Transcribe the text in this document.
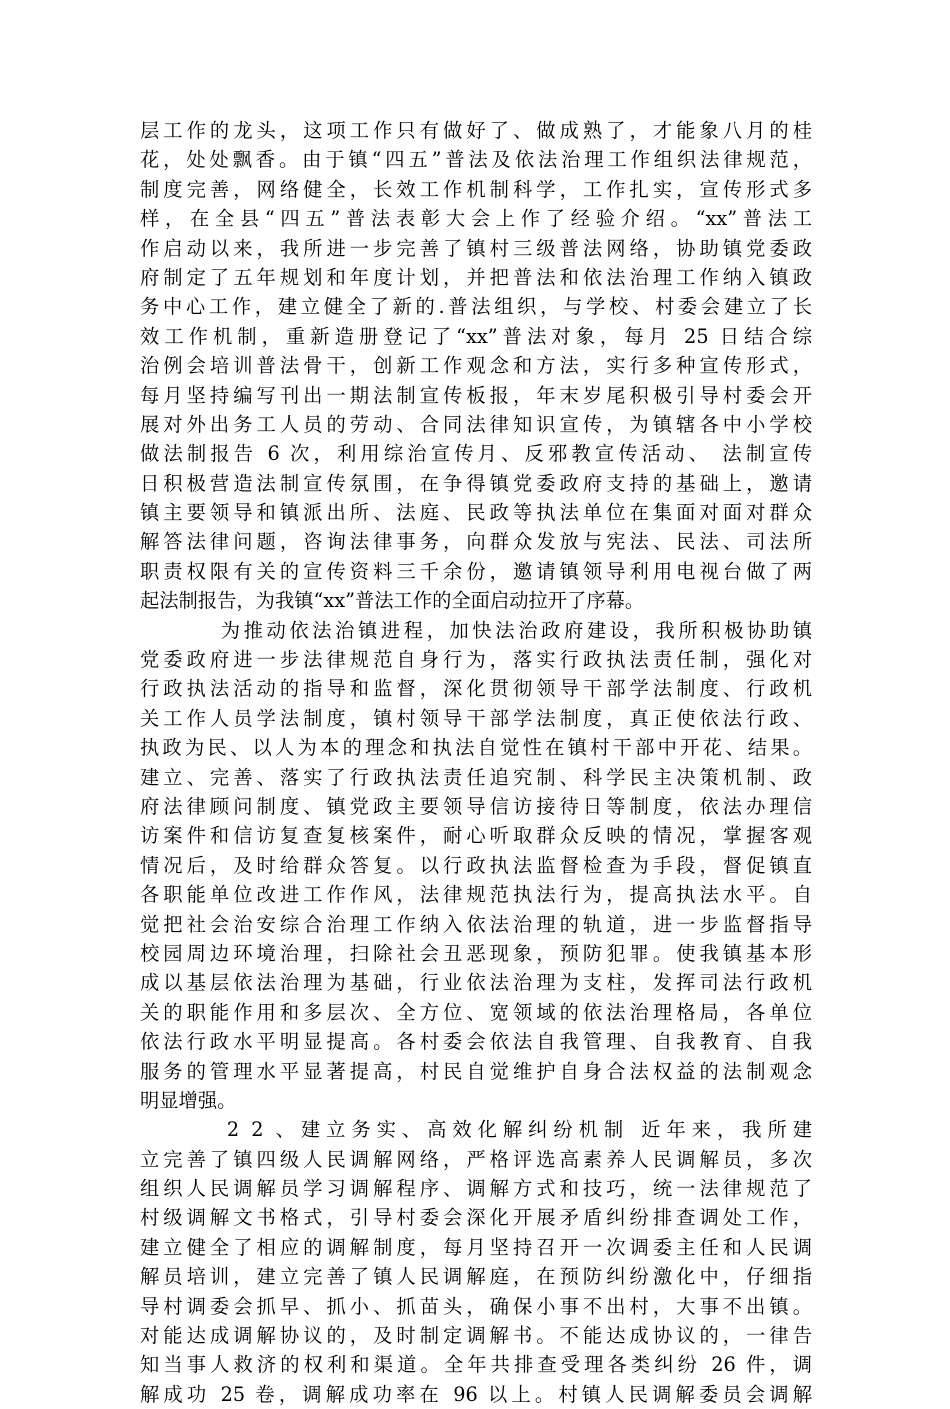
层工作的龙头，这项工作只有做好了、做成熟了，才能象八月的桂
花，处处飘香。由于镇“四五”普法及依法治理工作组织法律规范，
制度完善，网络健全，长效工作机制科学，工作扎实，宣传形式多
样，在全县“四五”普法表彰大会上作了经验介绍。“xx”普法工
作启动以来，我所进一步完善了镇村三级普法网络，协助镇党委政
府制定了五年规划和年度计划，并把普法和依法治理工作纳入镇政
务中心工作，建立健全了新的.普法组织，与学校、村委会建立了长
效工作机制，重新造册登记了“xx”普法对象，每月 25 日结合综
治例会培训普法骨干，创新工作观念和方法，实行多种宣传形式，
每月坚持编写刊出一期法制宣传板报，年末岁尾积极引导村委会开
展对外出务工人员的劳动、合同法律知识宣传，为镇辖各中小学校
做法制报告 6 次，利用综治宣传月、反邪教宣传活动、 法制宣传
日积极营造法制宣传氛围，在争得镇党委政府支持的基础上，邀请
镇主要领导和镇派出所、法庭、民政等执法单位在集面对面对群众
解答法律问题，咨询法律事务，向群众发放与宪法、民法、司法所
职责权限有关的宣传资料三千余份，邀请镇领导利用电视台做了两
起法制报告，为我镇“xx”普法工作的全面启动拉开了序幕。
为推动依法治镇进程，加快法治政府建设，我所积极协助镇
党委政府进一步法律规范自身行为，落实行政执法责任制，强化对
行政执法活动的指导和监督，深化贯彻领导干部学法制度、行政机
关工作人员学法制度，镇村领导干部学法制度，真正使依法行政、
执政为民、以人为本的理念和执法自觉性在镇村干部中开花、结果。
建立、完善、落实了行政执法责任追究制、科学民主决策机制、政
府法律顾问制度、镇党政主要领导信访接待日等制度，依法办理信
访案件和信访复查复核案件，耐心听取群众反映的情况，掌握客观
情况后，及时给群众答复。以行政执法监督检查为手段，督促镇直
各职能单位改进工作作风，法律规范执法行为，提高执法水平。自
觉把社会治安综合治理工作纳入依法治理的轨道，进一步监督指导
校园周边环境治理，扫除社会丑恶现象，预防犯罪。使我镇基本形
成以基层依法治理为基础，行业依法治理为支柱，发挥司法行政机
关的职能作用和多层次、全方位、宽领域的依法治理格局，各单位
依法行政水平明显提高。各村委会依法自我管理、自我教育、自我
服务的管理水平显著提高，村民自觉维护自身合法权益的法制观念
明显增强。
2 2 、建立务实、高效化解纠纷机制 近年来，我所建
立完善了镇四级人民调解网络，严格评选高素养人民调解员，多次
组织人民调解员学习调解程序、调解方式和技巧，统一法律规范了
村级调解文书格式，引导村委会深化开展矛盾纠纷排查调处工作，
建立健全了相应的调解制度，每月坚持召开一次调委主任和人民调
解员培训，建立完善了镇人民调解庭，在预防纠纷激化中，仔细指
导村调委会抓早、抓小、抓苗头，确保小事不出村，大事不出镇。
对能达成调解协议的，及时制定调解书。不能达成协议的，一律告
知当事人救济的权利和渠道。全年共排查受理各类纠纷 26 件，调
解成功 25 卷，调解成功率在 96 以上。村镇人民调解委员会调解
